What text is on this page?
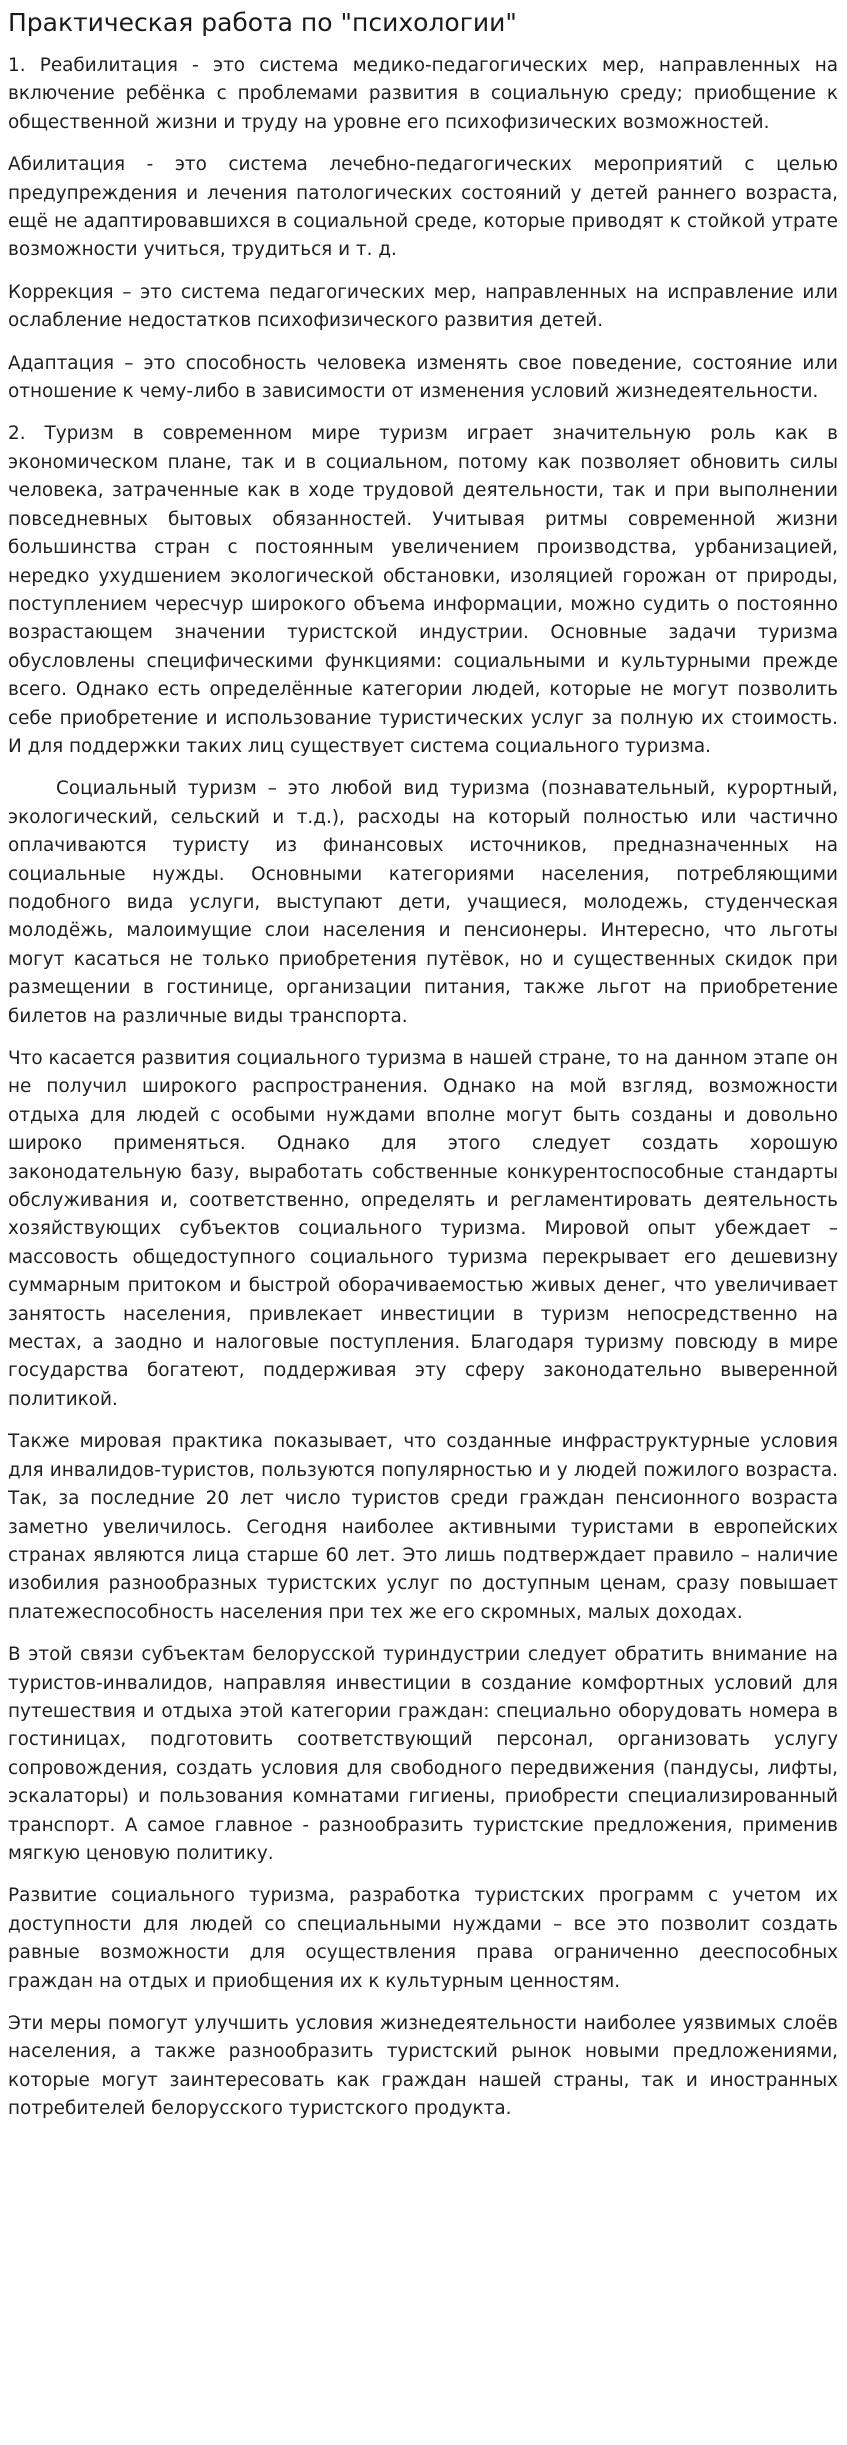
Практическая работа по "психологии"

1. Реабилитация - это система медико-педагогических мер, направленных на включение ребёнка с проблемами развития в социальную среду; приобщение к общественной жизни и труду на уровне его психофизических возможностей.

Абилитация - это система лечебно-педагогических мероприятий с целью предупреждения и лечения патологических состояний у детей раннего возраста, ещё не адаптировавшихся в социальной среде, которые приводят к стойкой утрате возможности учиться, трудиться и т. д.

Коррекция – это система педагогических мер, направленных на исправление или ослабление недостатков психофизического развития детей.

Адаптация – это способность человека изменять свое поведение, состояние или отношение к чему-либо в зависимости от изменения условий жизнедеятельности.

2. Туризм в современном мире туризм играет значительную роль как в экономическом плане, так и в социальном, потому как позволяет обновить силы человека, затраченные как в ходе трудовой деятельности, так и при выполнении повседневных бытовых обязанностей. Учитывая ритмы современной жизни большинства стран с постоянным увеличением производства, урбанизацией, нередко ухудшением экологической обстановки, изоляцией горожан от природы, поступлением чересчур широкого объема информации, можно судить о постоянно возрастающем значении туристской индустрии. Основные задачи туризма обусловлены специфическими функциями: социальными и культурными прежде всего. Однако есть определённые категории людей, которые не могут позволить себе приобретение и использование туристических услуг за полную их стоимость. И для поддержки таких лиц существует система социального туризма.

Социальный туризм – это любой вид туризма (познавательный, курортный, экологический, сельский и т.д.), расходы на который полностью или частично оплачиваются туристу из финансовых источников, предназначенных на социальные нужды. Основными категориями населения, потребляющими подобного вида услуги, выступают дети, учащиеся, молодежь, студенческая молодёжь, малоимущие слои населения и пенсионеры. Интересно, что льготы могут касаться не только приобретения путёвок, но и существенных скидок при размещении в гостинице, организации питания, также льгот на приобретение билетов на различные виды транспорта.

Что касается развития социального туризма в нашей стране, то на данном этапе он не получил широкого распространения. Однако на мой взгляд, возможности отдыха для людей с особыми нуждами вполне могут быть созданы и довольно широко применяться. Однако для этого следует создать хорошую законодательную базу, выработать собственные конкурентоспособные стандарты обслуживания и, соответственно, определять и регламентировать деятельность хозяйствующих субъектов социального туризма. Мировой опыт убеждает – массовость общедоступного социального туризма перекрывает его дешевизну суммарным притоком и быстрой оборачиваемостью живых денег, что увеличивает занятость населения, привлекает инвестиции в туризм непосредственно на местах, а заодно и налоговые поступления. Благодаря туризму повсюду в мире государства богатеют, поддерживая эту сферу законодательно выверенной политикой.

Также мировая практика показывает, что созданные инфраструктурные условия для инвалидов-туристов, пользуются популярностью и у людей пожилого возраста. Так, за последние 20 лет число туристов среди граждан пенсионного возраста заметно увеличилось. Сегодня наиболее активными туристами в европейских странах являются лица старше 60 лет. Это лишь подтверждает правило – наличие изобилия разнообразных туристских услуг по доступным ценам, сразу повышает платежеспособность населения при тех же его скромных, малых доходах.

В этой связи субъектам белорусской туриндустрии следует обратить внимание на туристов-инвалидов, направляя инвестиции в создание комфортных условий для путешествия и отдыха этой категории граждан: специально оборудовать номера в гостиницах, подготовить соответствующий персонал, организовать услугу сопровождения, создать условия для свободного передвижения (пандусы, лифты, эскалаторы) и пользования комнатами гигиены, приобрести специализированный транспорт. А самое главное - разнообразить туристские предложения, применив мягкую ценовую политику.

Развитие социального туризма, разработка туристских программ с учетом их доступности для людей со специальными нуждами – все это позволит создать равные возможности для осуществления права ограниченно дееспособных граждан на отдых и приобщения их к культурным ценностям.

Эти меры помогут улучшить условия жизнедеятельности наиболее уязвимых слоёв населения, а также разнообразить туристский рынок новыми предложениями, которые могут заинтересовать как граждан нашей страны, так и иностранных потребителей белорусского туристского продукта.
